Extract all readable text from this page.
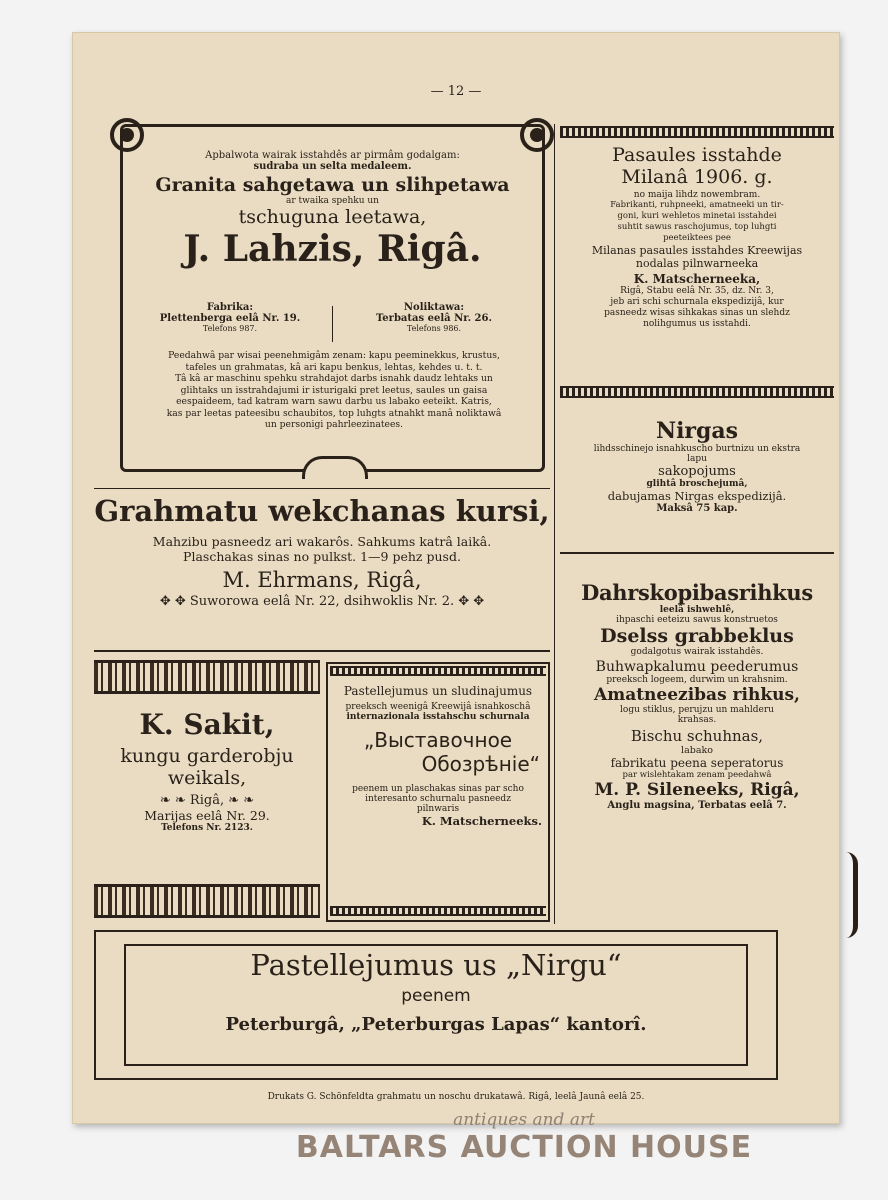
— 12 —
Apbalwota wairak isstahdês ar pirmâm godalgam:
sudraba un selta medaleem.
Granita sahgetawa un slihpetawa
ar twaika spehku un
tschuguna leetawa,
J. Lahzis, Rigâ.
Fabrika:
Plettenberga eelâ Nr. 19.
Telefons 987.
Noliktawa:
Terbatas eelâ Nr. 26.
Telefons 986.
Peedahwâ par wisai peenehmigâm zenam: kapu peeminekkus, krustus,
tafeles un grahmatas, kâ ari kapu benkus, lehtas, kehdes u. t. t.
Tâ kâ ar maschinu spehku strahdajot darbs isnahk daudz lehtaks un
glihtaks un isstrahdajumi ir isturigaki pret leetus, saules un gaisa
eespaideem, tad katram warn sawu darbu us labako eeteikt. Katris,
kas par leetas pateesibu schaubitos, top luhgts atnahkt manâ noliktawâ
un personigi pahrleezinatees.
Pasaules isstahde
Milanâ 1906. g.
no maija lihdz nowembram.
Fabrikanti, ruhpneeki, amatneeki un tir-
goni, kuri wehletos minetai isstahdei
suhtit sawus raschojumus, top luhgti
peeteiktees pee
Milanas pasaules isstahdes Kreewijas
nodalas pilnwarneeka
K. Matscherneeka,
Rigâ, Stabu eelâ Nr. 35, dz. Nr. 3,
jeb ari schi schurnala ekspedizijâ, kur
pasneedz wisas sihkakas sinas un slehdz
nolihgumus us isstahdi.
Nirgas
lihdsschinejo isnahkuscho burtnizu un ekstra
lapu
sakopojums
glihtâ broschejumâ,
dabujamas Nirgas ekspedizijâ.
Maksâ 75 kap.
Grahmatu wekchanas kursi,
Mahzibu pasneedz ari wakarôs. Sahkums katrâ laikâ.
Plaschakas sinas no pulkst. 1—9 pehz pusd.
M. Ehrmans, Rigâ,
✥ ✥ Suworowa eelâ Nr. 22, dsihwoklis Nr. 2. ✥ ✥
K. Sakit,
kungu garderobju
weikals,
❧ ❧ Rigâ, ❧ ❧
Marijas eelâ Nr. 29.
Telefons Nr. 2123.
Pastellejumus un sludinajumus
preeksch weenigâ Kreewijâ isnahkoschâ
internazionala isstahschu schurnala
„Выставочное
Обозрѣніе“
peenem un plaschakas sinas par scho
interesanto schurnalu pasneedz
pilnwaris
K. Matscherneeks.
Dahrskopibasrihkus
leelâ ishwehlê,
ihpaschi eeteizu sawus konstruetos
Dselss grabbeklus
godalgotus wairak isstahdês.
Buhwapkalumu peederumus
preeksch logeem, durwim un krahsnim.
Amatneezibas rihkus,
logu stiklus, perujzu un mahlderu
krahsas.
Bischu schuhnas,
labako
fabrikatu peena seperatorus
par wislehtakam zenam peedahwâ
M. P. Sileneeks, Rigâ,
Anglu magsina, Terbatas eelâ 7.
Pastellejumus us „Nirgu“
peenem
Peterburgâ, „Peterburgas Lapas“ kantorî.
Drukats G. Schönfeldta grahmatu un noschu drukatawâ. Rigâ, leelâ Jaunâ eelâ 25.
antiques and art
BALTARS AUCTION HOUSE
